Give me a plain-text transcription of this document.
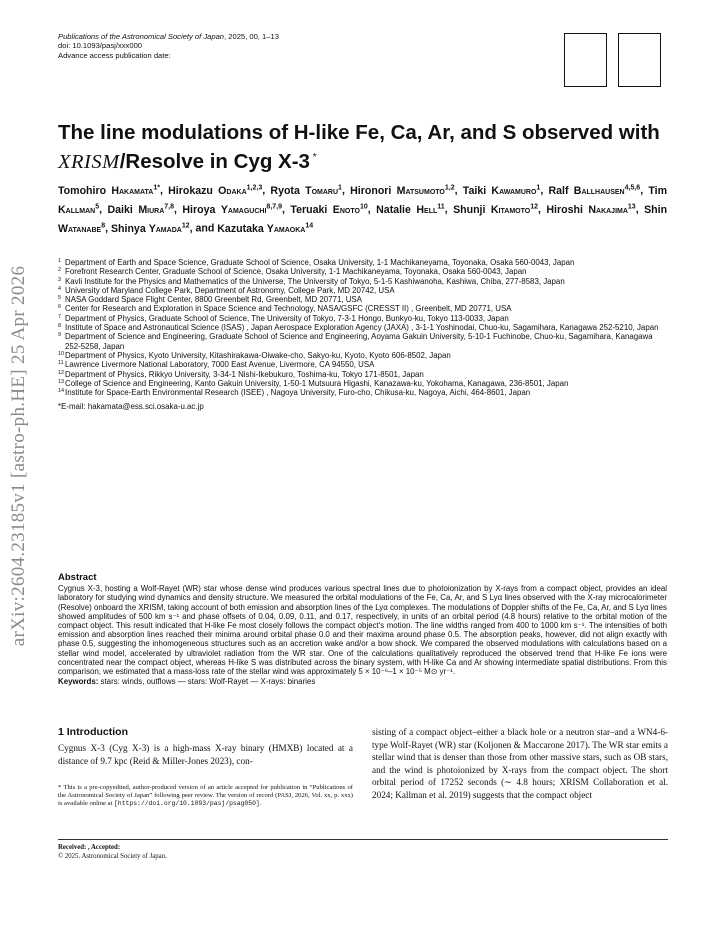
Publications of the Astronomical Society of Japan, 2025, 00, 1–13
doi: 10.1093/pasj/xxx000
Advance access publication date:
arXiv:2604.23185v1 [astro-ph.HE] 25 Apr 2026
The line modulations of H-like Fe, Ca, Ar, and S observed with XRISM/Resolve in Cyg X-3 *
Tomohiro Hakamata$^{1*}$, Hirokazu Odaka$^{1,2,3}$, Ryota Tomaru$^1$, Hironori Matsumoto$^{1,2}$, Taiki Kawamuro$^1$, Ralf Ballhausen$^{4,5,6}$, Tim Kallman$^5$, Daiki Miura$^{7,8}$, Hiroya Yamaguchi$^{8,7,9}$, Teruaki Enoto$^{10}$, Natalie Hell$^{11}$, Shunji Kitamoto$^{12}$, Hiroshi Nakajima$^{13}$, Shin Watanabe$^8$, Shinya Yamada$^{12}$, and Kazutaka Yamaoka$^{14}$
1 Department of Earth and Space Science, Graduate School of Science, Osaka University, 1-1 Machikaneyama, Toyonaka, Osaka 560-0043, Japan
2 Forefront Research Center, Graduate School of Science, Osaka University, 1-1 Machikaneyama, Toyonaka, Osaka 560-0043, Japan
3 Kavli Institute for the Physics and Mathematics of the Universe, The University of Tokyo, 5-1-5 Kashiwanoha, Kashiwa, Chiba, 277-8583, Japan
4 University of Maryland College Park, Department of Astronomy, College Park, MD 20742, USA
5 NASA Goddard Space Flight Center, 8800 Greenbelt Rd, Greenbelt, MD 20771, USA
6 Center for Research and Exploration in Space Science and Technology, NASA/GSFC (CRESST II) , Greenbelt, MD 20771, USA
7 Department of Physics, Graduate School of Science, The University of Tokyo, 7-3-1 Hongo, Bunkyo-ku, Tokyo 113-0033, Japan
8 Institute of Space and Astronautical Science (ISAS) , Japan Aerospace Exploration Agency (JAXA) , 3-1-1 Yoshinodai, Chuo-ku, Sagamihara, Kanagawa 252-5210, Japan
9 Department of Science and Engineering, Graduate School of Science and Engineering, Aoyama Gakuin University, 5-10-1 Fuchinobe, Chuo-ku, Sagamihara, Kanagawa 252-5258, Japan
10 Department of Physics, Kyoto University, Kitashirakawa-Oiwake-cho, Sakyo-ku, Kyoto, Kyoto 606-8502, Japan
11 Lawrence Livermore National Laboratory, 7000 East Avenue, Livermore, CA 94550, USA
12 Department of Physics, Rikkyo University, 3-34-1 Nishi-Ikebukuro, Toshima-ku, Tokyo 171-8501, Japan
13 College of Science and Engineering, Kanto Gakuin University, 1-50-1 Mutsuura Higashi, Kanazawa-ku, Yokohama, Kanagawa, 236-8501, Japan
14 Institute for Space-Earth Environmental Research (ISEE) , Nagoya University, Furo-cho, Chikusa-ku, Nagoya, Aichi, 464-8601, Japan
*E-mail: hakamata@ess.sci.osaka-u.ac.jp
Abstract

Cygnus X-3, hosting a Wolf-Rayet (WR) star whose dense wind produces various spectral lines due to photoionization by X-rays from a compact object, provides an ideal laboratory for studying wind dynamics and density structure. We measured the orbital modulations of the Fe, Ca, Ar, and S Lyα lines observed with the X-ray microcalorimeter (Resolve) onboard the XRISM, taking account of both emission and absorption lines of the Lyα complexes. The modulations of Doppler shifts of the Fe, Ca, Ar, and S Lyα lines showed amplitudes of 500 km s⁻¹ and phase offsets of 0.04, 0.09, 0.11, and 0.17, respectively, in units of an orbital period (4.8 hours) relative to the orbital motion of the compact object. This result indicated that H-like Fe most closely follows the compact object's motion. The line widths ranged from 400 to 1000 km s⁻¹. The intensities of both emission and absorption lines reached their minima around orbital phase 0.0 and their maxima around phase 0.5. The absorption peaks, however, did not align exactly with phase 0.5, suggesting the inhomogeneous structures such as an accretion wake and/or a bow shock. We compared the observed modulations with calculations based on a stellar wind model, accelerated by ultraviolet radiation from the WR star. One of the calculations qualitatively reproduced the observed trend that H-like Fe ions were concentrated near the compact object, whereas H-like S was distributed across the binary system, with H-like Ca and Ar showing intermediate spatial distributions. From this comparison, we estimated that a mass-loss rate of the stellar wind was approximately 5 × 10⁻⁶–1 × 10⁻⁵ M⊙ yr⁻¹.

Keywords: stars: winds, outflows — stars: Wolf-Rayet — X-rays: binaries
1 Introduction
Cygnus X-3 (Cyg X-3) is a high-mass X-ray binary (HMXB) located at a distance of 9.7 kpc (Reid & Miller-Jones 2023), con-
sisting of a compact object–either a black hole or a neutron star–and a WN4-6-type Wolf-Rayet (WR) star (Koljonen & Maccarone 2017). The WR star emits a stellar wind that is denser than those from other massive stars, such as OB stars, and the wind is photoionized by X-rays from the compact object. The short orbital period of 17252 seconds (∼ 4.8 hours; XRISM Collaboration et al. 2024; Kallman et al. 2019) suggests that the compact object
* This is a pre-copyedited, author-produced version of an article accepted for publication in “Publications of the Astronomical Society of Japan” following peer review. The version of record (PASJ, 2026, Vol. xx, p. xxx) is available online at [https://doi.org/10.1093/pasj/psag050].
Received: , Accepted:
© 2025. Astronomical Society of Japan.
